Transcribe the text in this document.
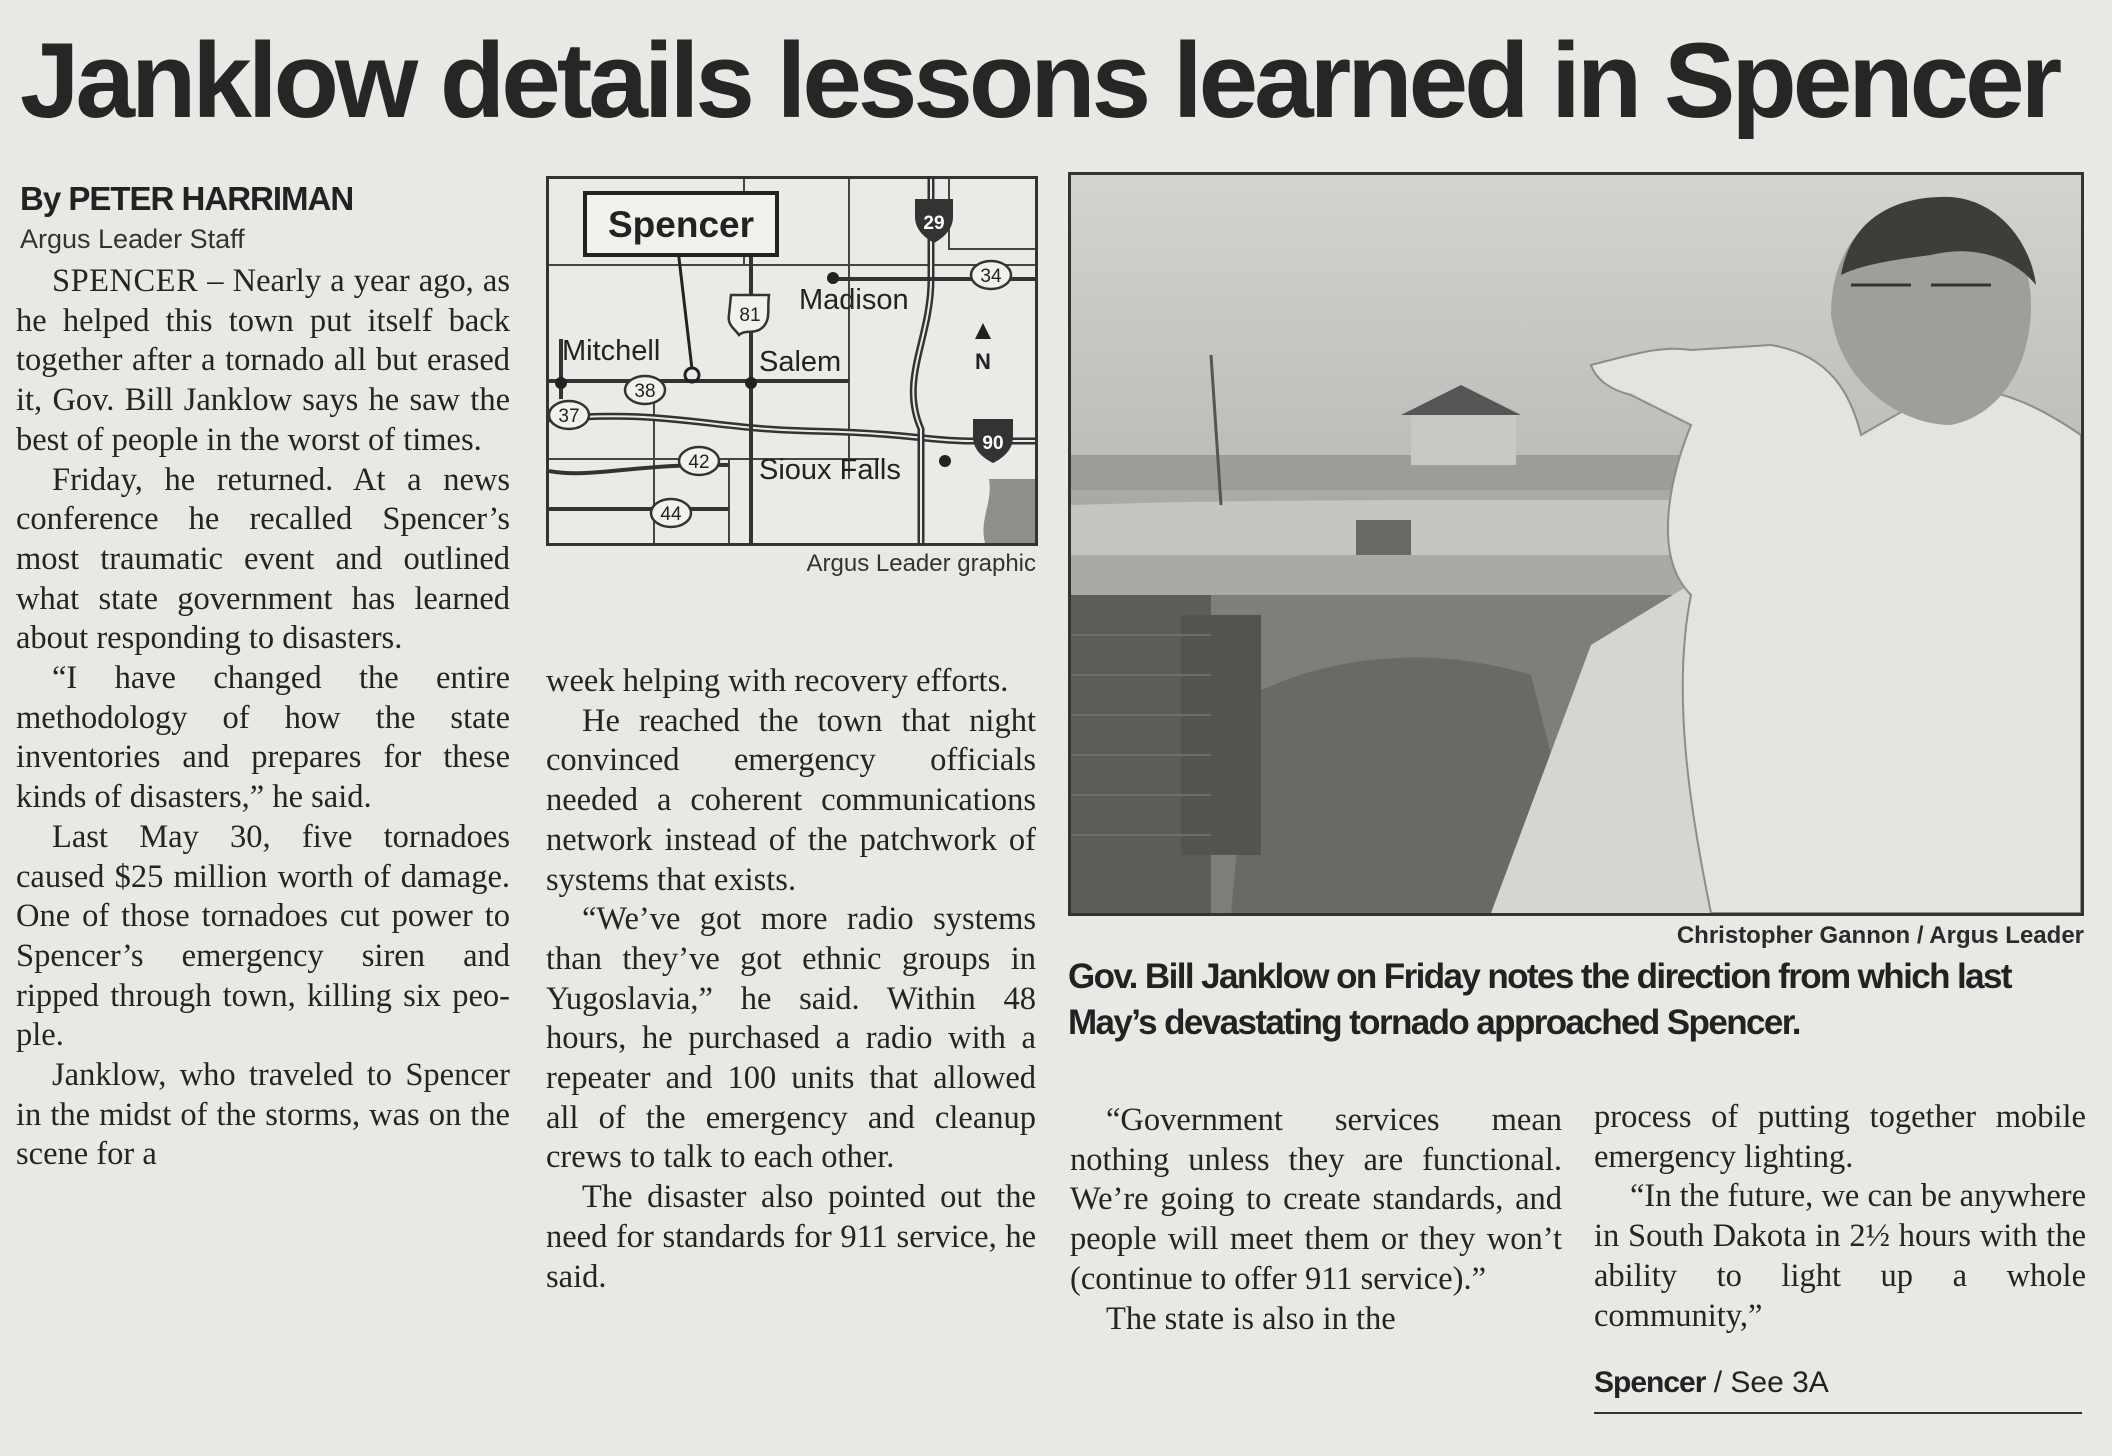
Janklow details lessons learned in Spencer
By PETER HARRIMAN
Argus Leader Staff

SPENCER – Nearly a year ago, as he helped this town put itself back together after a tornado all but erased it, Gov. Bill Janklow says he saw the best of people in the worst of times.

Friday, he returned. At a news conference he recalled Spencer’s most traumatic event and outlined what state government has learned about responding to disasters.

“I have changed the entire methodology of how the state inventories and prepares for these kinds of disasters,” he said.

Last May 30, five tornadoes caused $25 million worth of damage. One of those tornadoes cut power to Spencer’s emergency siren and ripped through town, killing six people.

Janklow, who traveled to Spencer in the midst of the storms, was on the scene for a

Spencer
Madison
Mitchell	Salem
Sioux Falls
29
90
81
34
38
37
42
44
N
Argus Leader graphic

week helping with recovery efforts.

He reached the town that night convinced emergency officials needed a coherent communications network instead of the patchwork of systems that exists.

“We’ve got more radio systems than they’ve got ethnic groups in Yugoslavia,” he said. Within 48 hours, he purchased a radio with a repeater and 100 units that allowed all of the emergency and cleanup crews to talk to each other.

The disaster also pointed out the need for standards for 911 service, he said.

Christopher Gannon / Argus Leader
Gov. Bill Janklow on Friday notes the direction from which last May’s devastating tornado approached Spencer.

“Government services mean nothing unless they are functional. We’re going to create standards, and people will meet them or they won’t (continue to offer 911 service).”

The state is also in the

process of putting together mobile emergency lighting.

“In the future, we can be anywhere in South Dakota in 2½ hours with the ability to light up a whole community,”

Spencer / See 3A
